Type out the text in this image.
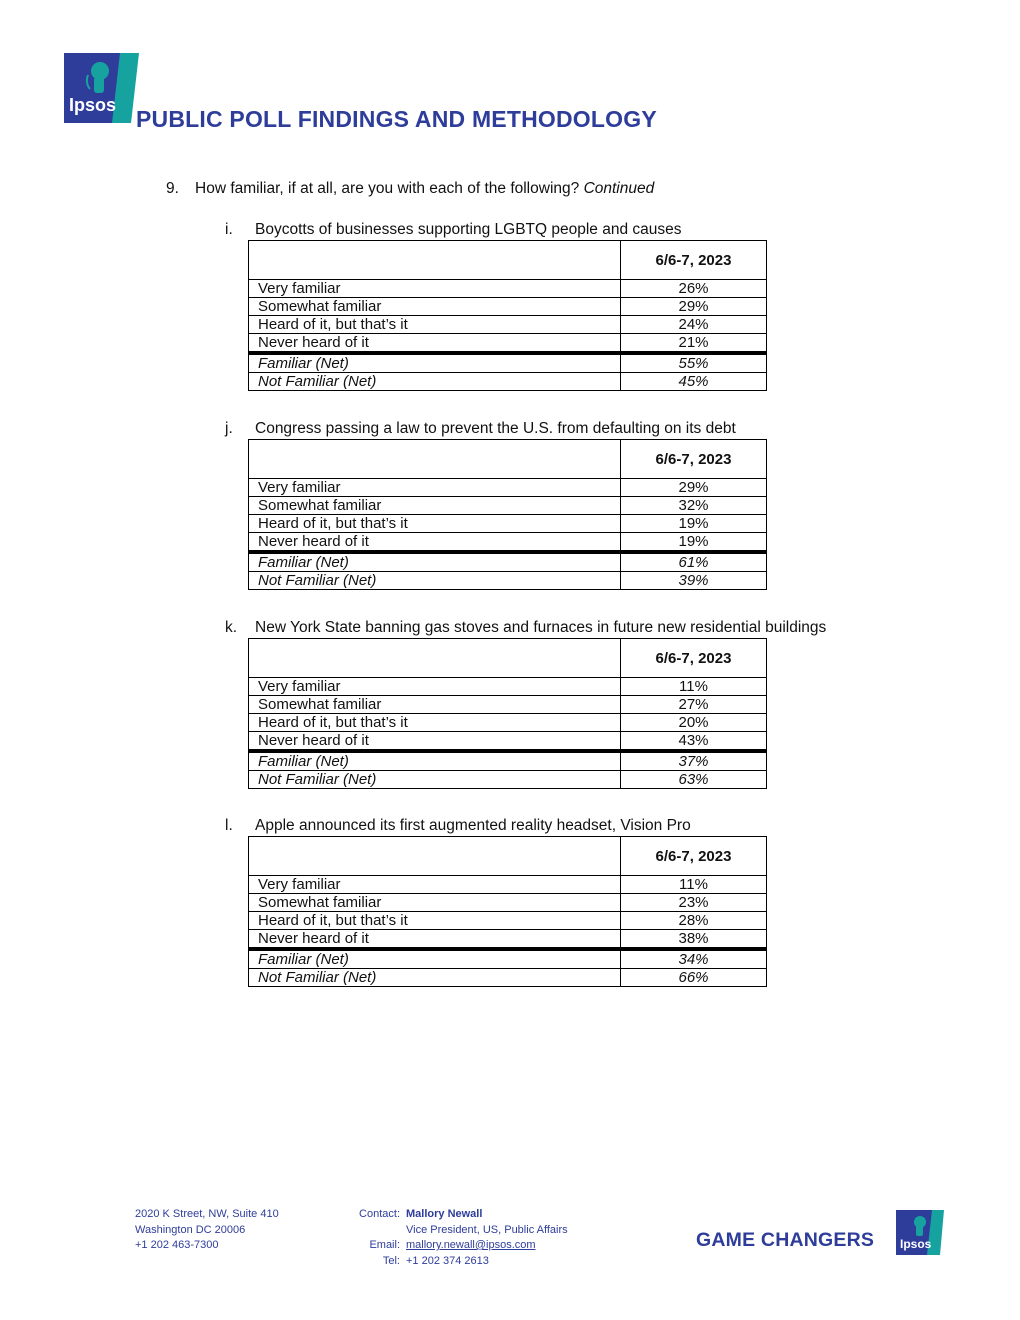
Ipsos
PUBLIC POLL FINDINGS AND METHODOLOGY
9. How familiar, if at all, are you with each of the following? Continued
i. Boycotts of businesses supporting LGBTQ people and causes
	6/6-7, 2023
Very familiar	26%
Somewhat familiar	29%
Heard of it, but that’s it	24%
Never heard of it	21%
Familiar (Net)	55%
Not Familiar (Net)	45%
j. Congress passing a law to prevent the U.S. from defaulting on its debt
	6/6-7, 2023
Very familiar	29%
Somewhat familiar	32%
Heard of it, but that’s it	19%
Never heard of it	19%
Familiar (Net)	61%
Not Familiar (Net)	39%
k. New York State banning gas stoves and furnaces in future new residential buildings
	6/6-7, 2023
Very familiar	11%
Somewhat familiar	27%
Heard of it, but that’s it	20%
Never heard of it	43%
Familiar (Net)	37%
Not Familiar (Net)	63%
l. Apple announced its first augmented reality headset, Vision Pro
	6/6-7, 2023
Very familiar	11%
Somewhat familiar	23%
Heard of it, but that’s it	28%
Never heard of it	38%
Familiar (Net)	34%
Not Familiar (Net)	66%
2020 K Street, NW, Suite 410
Washington DC 20006
+1 202 463-7300
Contact: Mallory Newall
Vice President, US, Public Affairs
Email: mallory.newall@ipsos.com
Tel: +1 202 374 2613
GAME CHANGERS Ipsos
